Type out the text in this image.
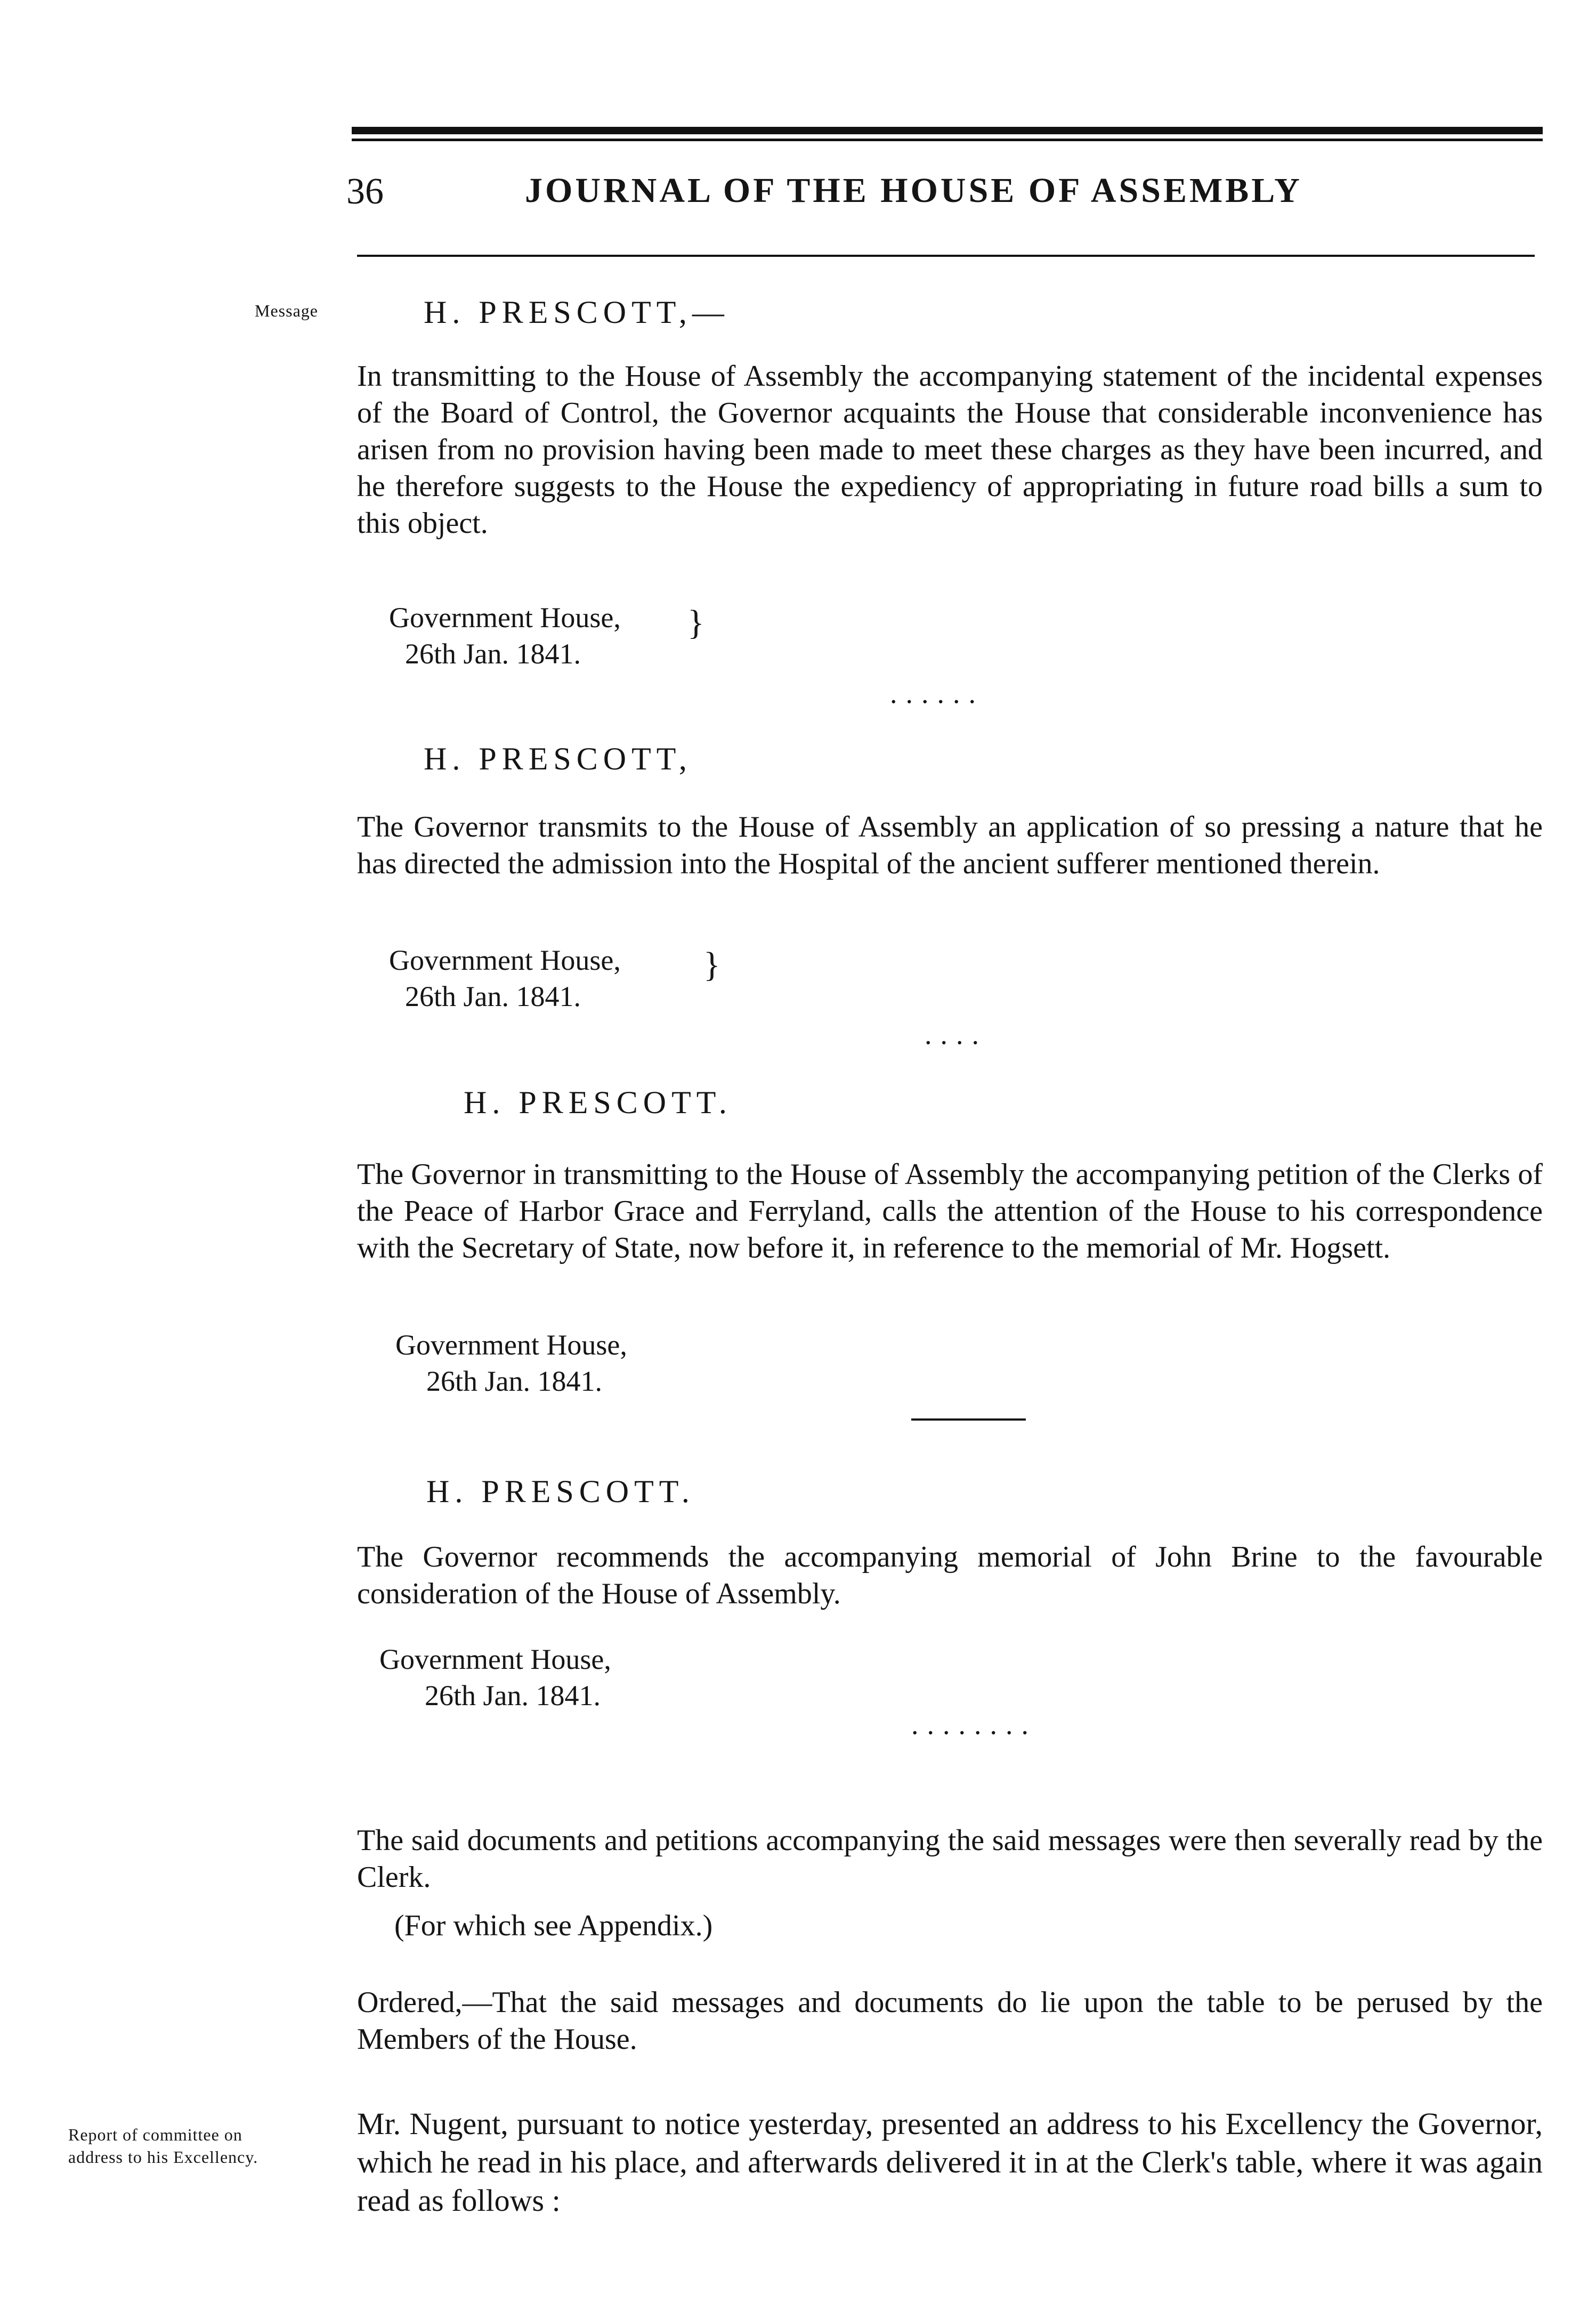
36	JOURNAL OF THE HOUSE OF ASSEMBLY
Message	H. PRESCOTT,—
In transmitting to the House of Assembly the accompanying statement of the incidental expenses of the Board of Control, the Governor acquaints the House that considerable inconvenience has arisen from no provision having been made to meet these charges as they have been incurred, and he therefore suggests to the House the expediency of appropriating in future road bills a sum to this object.
Government House,
26th Jan. 1841.
}
......
H. PRESCOTT,
The Governor transmits to the House of Assembly an application of so pressing a nature that he has directed the admission into the Hospital of the ancient sufferer mentioned therein.
Government House,
26th Jan. 1841.
}
....
H. PRESCOTT.
The Governor in transmitting to the House of Assembly the accompanying petition of the Clerks of the Peace of Harbor Grace and Ferryland, calls the attention of the House to his correspondence with the Secretary of State, now before it, in reference to the memorial of Mr. Hogsett.
Government House,
26th Jan. 1841.
H. PRESCOTT.
The Governor recommends the accompanying memorial of John Brine to the favourable consideration of the House of Assembly.
Government House,
26th Jan. 1841.
........
The said documents and petitions accompanying the said messages were then severally read by the Clerk.
(For which see Appendix.)
Ordered,—That the said messages and documents do lie upon the table to be perused by the Members of the House.
Report of committee on
address to his Excellency.
Mr. Nugent, pursuant to notice yesterday, presented an address to his Excellency the Governor, which he read in his place, and afterwards delivered it in at the Clerk's table, where it was again read as follows :
